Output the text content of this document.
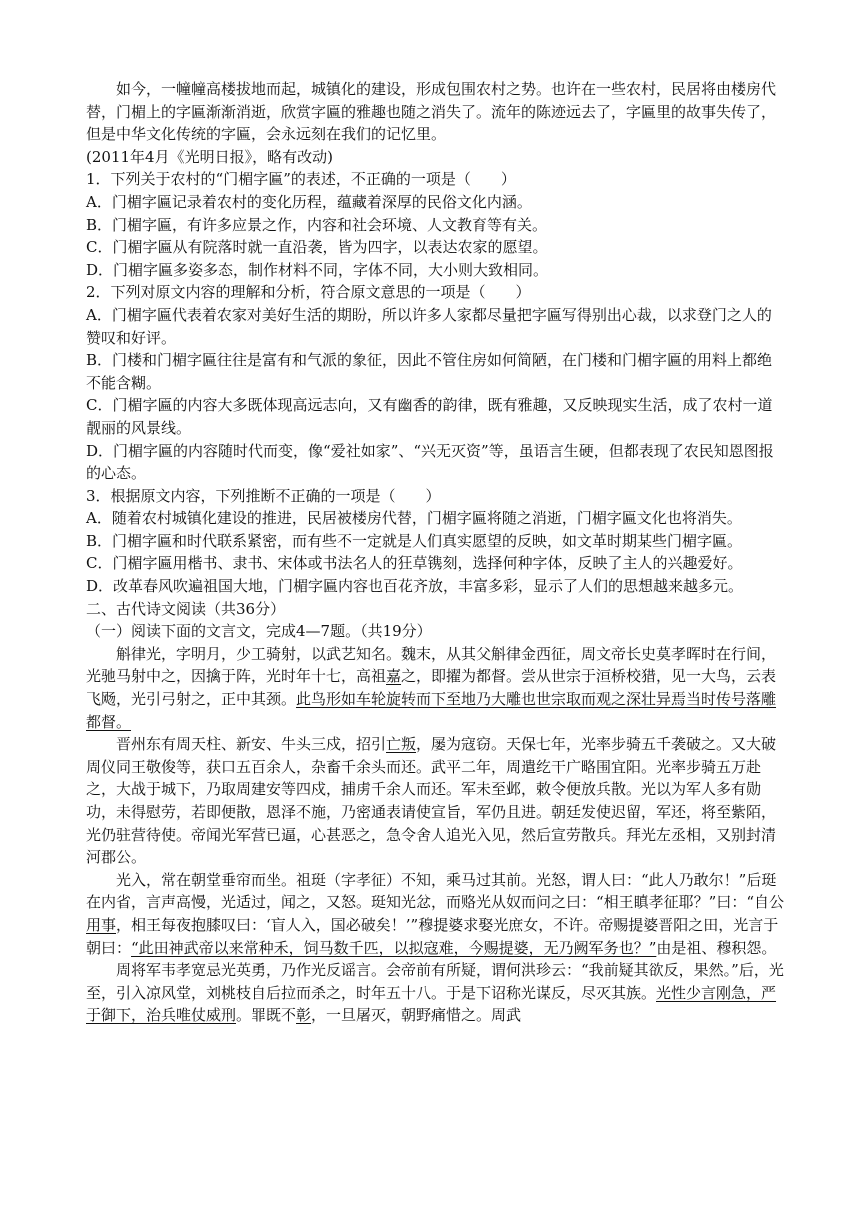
如今，一幢幢高楼拔地而起，城镇化的建设，形成包围农村之势。也许在一些农村，民居将由楼房代替，门楣上的字匾渐渐消逝，欣赏字匾的雅趣也随之消失了。流年的陈迹远去了，字匾里的故事失传了，但是中华文化传统的字匾，会永远刻在我们的记忆里。

(2011年4月《光明日报》，略有改动)

1．下列关于农村的“门楣字匾”的表述，不正确的一项是（　　）

A．门楣字匾记录着农村的变化历程，蕴藏着深厚的民俗文化内涵。

B．门楣字匾，有许多应景之作，内容和社会环境、人文教育等有关。

C．门楣字匾从有院落时就一直沿袭，皆为四字，以表达农家的愿望。

D．门楣字匾多姿多态，制作材料不同，字体不同，大小则大致相同。

2．下列对原文内容的理解和分析，符合原文意思的一项是（　　）

A．门楣字匾代表着农家对美好生活的期盼，所以许多人家都尽量把字匾写得别出心裁，以求登门之人的赞叹和好评。

B．门楼和门楣字匾往往是富有和气派的象征，因此不管住房如何简陋，在门楼和门楣字匾的用料上都绝不能含糊。

C．门楣字匾的内容大多既体现高远志向，又有幽香的韵律，既有雅趣，又反映现实生活，成了农村一道靓丽的风景线。

D．门楣字匾的内容随时代而变，像“爱社如家”、“兴无灭资”等，虽语言生硬，但都表现了农民知恩图报的心态。

3．根据原文内容，下列推断不正确的一项是（　　）

A．随着农村城镇化建设的推进，民居被楼房代替，门楣字匾将随之消逝，门楣字匾文化也将消失。

B．门楣字匾和时代联系紧密，而有些不一定就是人们真实愿望的反映，如文革时期某些门楣字匾。

C．门楣字匾用楷书、隶书、宋体或书法名人的狂草镌刻，选择何种字体，反映了主人的兴趣爱好。

D．改革春风吹遍祖国大地，门楣字匾内容也百花齐放，丰富多彩，显示了人们的思想越来越多元。

二、古代诗文阅读（共36分）

（一）阅读下面的文言文，完成4—7题。（共19分）

斛律光，字明月，少工骑射，以武艺知名。魏末，从其父斛律金西征，周文帝长史莫孝晖时在行间，光驰马射中之，因擒于阵，光时年十七，高祖嘉之，即擢为都督。尝从世宗于洹桥校猎，见一大鸟，云表飞飏，光引弓射之，正中其颈。此鸟形如车轮旋转而下至地乃大雕也世宗取而观之深壮异焉当时传号落雕都督。

晋州东有周天柱、新安、牛头三戍，招引亡叛，屡为寇窃。天保七年，光率步骑五千袭破之。又大破周仪同王敬俊等，获口五百余人，杂畜千余头而还。武平二年，周遣纥干广略围宜阳。光率步骑五万赴之，大战于城下，乃取周建安等四戍，捕虏千余人而还。军未至邺，敕令便放兵散。光以为军人多有勋功，未得慰劳，若即便散，恩泽不施，乃密通表请使宣旨，军仍且进。朝廷发使迟留，军还，将至紫陌，光仍驻营待使。帝闻光军营已逼，心甚恶之，急令舍人追光入见，然后宣劳散兵。拜光左丞相，又别封清河郡公。

光入，常在朝堂垂帘而坐。祖珽（字孝征）不知，乘马过其前。光怒，谓人曰：“此人乃敢尔！”后珽在内省，言声高慢，光适过，闻之，又怒。珽知光忿，而赂光从奴而问之曰：“相王瞋孝征耶？”曰：“自公用事，相王每夜抱膝叹曰：‘盲人入，国必破矣！’”穆提婆求娶光庶女，不许。帝赐提婆晋阳之田，光言于朝曰：“此田神武帝以来常种禾，饲马数千匹，以拟寇难，今赐提婆，无乃阙军务也？”由是祖、穆积怨。

周将军韦孝宽忌光英勇，乃作光反谣言。会帝前有所疑，谓何洪珍云：“我前疑其欲反，果然。”后，光至，引入凉风堂，刘桃枝自后拉而杀之，时年五十八。于是下诏称光谋反，尽灭其族。光性少言刚急，严于御下，治兵唯仗威刑。罪既不彰，一旦屠灭，朝野痛惜之。周武
